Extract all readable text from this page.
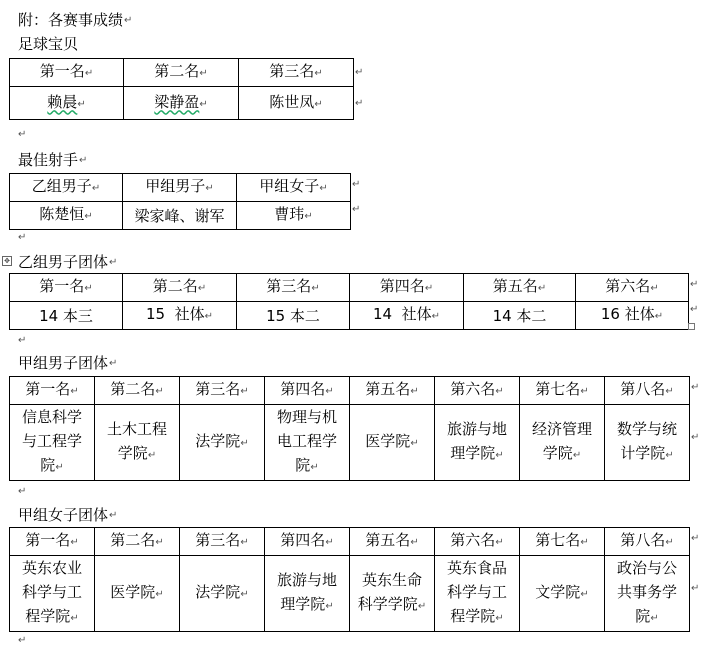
附：各赛事成绩↵
足球宝贝
第一名↵	第二名↵	第三名↵
赖晨↵	梁静盈↵	陈世凤↵
↵
↵
↵
最佳射手↵
乙组男子↵	甲组男子↵	甲组女子↵
陈楚恒↵	梁家峰、谢军	曹玮↵
↵
↵
↵
✥ 乙组男子团体↵
第一名↵	第二名↵	第三名↵	第四名↵	第五名↵	第六名↵
14 本三	15  社体↵	15 本二	14  社体↵	14 本二	16 社体↵
↵
↵
↵
甲组男子团体↵
第一名↵	第二名↵	第三名↵	第四名↵	第五名↵	第六名↵	第七名↵	第八名↵
信息科学
与工程学
院↵	土木工程
学院↵	法学院↵	物理与机
电工程学
院↵	医学院↵	旅游与地
理学院↵	经济管理
学院↵	数学与统
计学院↵
↵
↵
↵
甲组女子团体↵
第一名↵	第二名↵	第三名↵	第四名↵	第五名↵	第六名↵	第七名↵	第八名↵
英东农业
科学与工
程学院↵	医学院↵	法学院↵	旅游与地
理学院↵	英东生命
科学学院↵	英东食品
科学与工
程学院↵	文学院↵	政治与公
共事务学
院↵
↵
↵
↵
